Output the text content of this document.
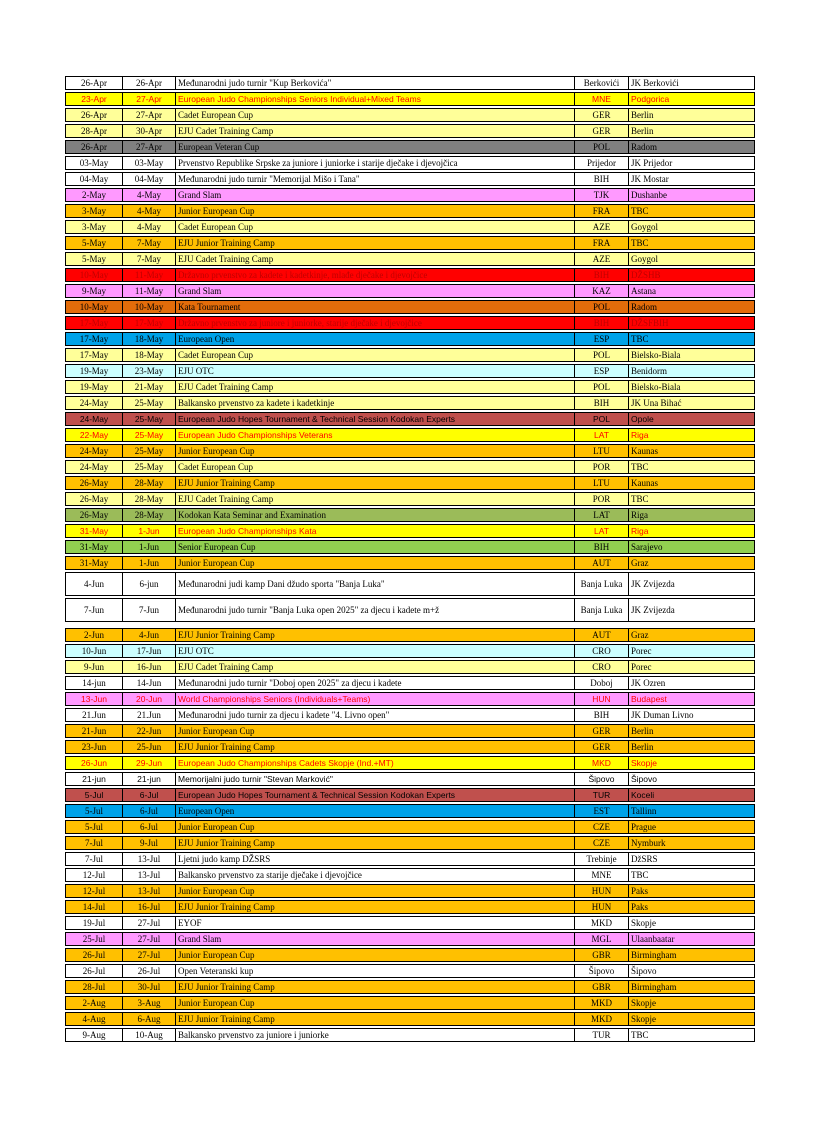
26-Apr	26-Apr	Međunarodni judo turnir "Kup Berkovića"	Berkovići	JK Berkovići
23-Apr	27-Apr	European Judo Championships Seniors Individual+Mixed Teams	MNE	Podgorica
26-Apr	27-Apr	Cadet European Cup	GER	Berlin
28-Apr	30-Apr	EJU Cadet Training Camp	GER	Berlin
26-Apr	27-Apr	European Veteran Cup	POL	Radom
03-May	03-May	Prvenstvo Republike Srpske za juniore i juniorke i starije dječake i djevojčica	Prijedor	JK Prijedor
04-May	04-May	Međunarodni judo turnir "Memorijal Mišo i Tana"	BIH	JK Mostar
2-May	4-May	Grand Slam	TJK	Dushanbe
3-May	4-May	Junior European Cup	FRA	TBC
3-May	4-May	Cadet European Cup	AZE	Goygol
5-May	7-May	EJU Junior Training Camp	FRA	TBC
5-May	7-May	EJU Cadet Training Camp	AZE	Goygol
10-May	11-May	Državno prvenstvo za kadete i kadetkinje, mlađe dječake i djevojčice	BIH	DŽSHB
9-May	11-May	Grand Slam	KAZ	Astana
10-May	10-May	Kata Tournament	POL	Radom
17-May	17-May	Državno prvenstvo za juniore i juniorke, starije dječake i djevojčice	BIH	DŽSFBIH
17-May	18-May	European Open	ESP	TBC
17-May	18-May	Cadet European Cup	POL	Bielsko-Biala
19-May	23-May	EJU OTC	ESP	Benidorm
19-May	21-May	EJU Cadet Training Camp	POL	Bielsko-Biala
24-May	25-May	Balkansko prvenstvo za kadete i kadetkinje	BIH	JK Una Bihać
24-May	25-May	European Judo Hopes Tournament & Technical Session Kodokan Experts	POL	Opole
22-May	25-May	European Judo Championships Veterans	LAT	Riga
24-May	25-May	Junior European Cup	LTU	Kaunas
24-May	25-May	Cadet European Cup	POR	TBC
26-May	28-May	EJU Junior Training Camp	LTU	Kaunas
26-May	28-May	EJU Cadet Training Camp	POR	TBC
26-May	28-May	Kodokan Kata Seminar and Examination	LAT	Riga
31-May	1-Jun	European Judo Championships Kata	LAT	Riga
31-May	1-Jun	Senior European Cup	BIH	Sarajevo
31-May	1-Jun	Junior European Cup	AUT	Graz
4-Jun	6-jun	Međunarodni judi kamp Dani džudo sporta "Banja Luka"	Banja Luka	JK Zvijezda
7-Jun	7-Jun	Međunarodni judo turnir "Banja Luka open 2025" za djecu i kadete m+ž	Banja Luka	JK Zvijezda

2-Jun	4-Jun	EJU Junior Training Camp	AUT	Graz
10-Jun	17-Jun	EJU OTC	CRO	Porec
9-Jun	16-Jun	EJU Cadet Training Camp	CRO	Porec
14-jun	14-Jun	Međunarodni judo turnir "Doboj open 2025" za djecu i kadete	Doboj	JK Ozren
13-Jun	20-Jun	World Championships Seniors (Individuals+Teams)	HUN	Budapest
21.Jun	21.Jun	Međunarodni judo turnir za djecu i kadete "4. Livno open"	BIH	JK Duman Livno
21-Jun	22-Jun	Junior European Cup	GER	Berlin
23-Jun	25-Jun	EJU Junior Training Camp	GER	Berlin
26-Jun	29-Jun	European Judo Championships Cadets Skopje (Ind.+MT)	MKD	Skopje
21-jun	21-jun	Memorijalni judo turnir "Stevan Marković"	Šipovo	Šipovo
5-Jul	6-Jul	European Judo Hopes Tournament & Technical Session Kodokan Experts	TUR	Koceli
5-Jul	6-Jul	European Open	EST	Tallinn
5-Jul	6-Jul	Junior European Cup	CZE	Prague
7-Jul	9-Jul	EJU Junior Training Camp	CZE	Nymburk
7-Jul	13-Jul	Ljetni judo kamp DŽSRS	Trebinje	DžSRS
12-Jul	13-Jul	Balkansko prvenstvo za starije dječake i djevojčice	MNE	TBC
12-Jul	13-Jul	Junior European Cup	HUN	Paks
14-Jul	16-Jul	EJU Junior Training Camp	HUN	Paks
19-Jul	27-Jul	EYOF	MKD	Skopje
25-Jul	27-Jul	Grand Slam	MGL	Ulaanbaatar
26-Jul	27-Jul	Junior European Cup	GBR	Birmingham
26-Jul	26-Jul	Open Veteranski kup	Šipovo	Šipovo
28-Jul	30-Jul	EJU Junior Training Camp	GBR	Birmingham
2-Aug	3-Aug	Junior European Cup	MKD	Skopje
4-Aug	6-Aug	EJU Junior Training Camp	MKD	Skopje
9-Aug	10-Aug	Balkansko prvenstvo za juniore i juniorke	TUR	TBC
